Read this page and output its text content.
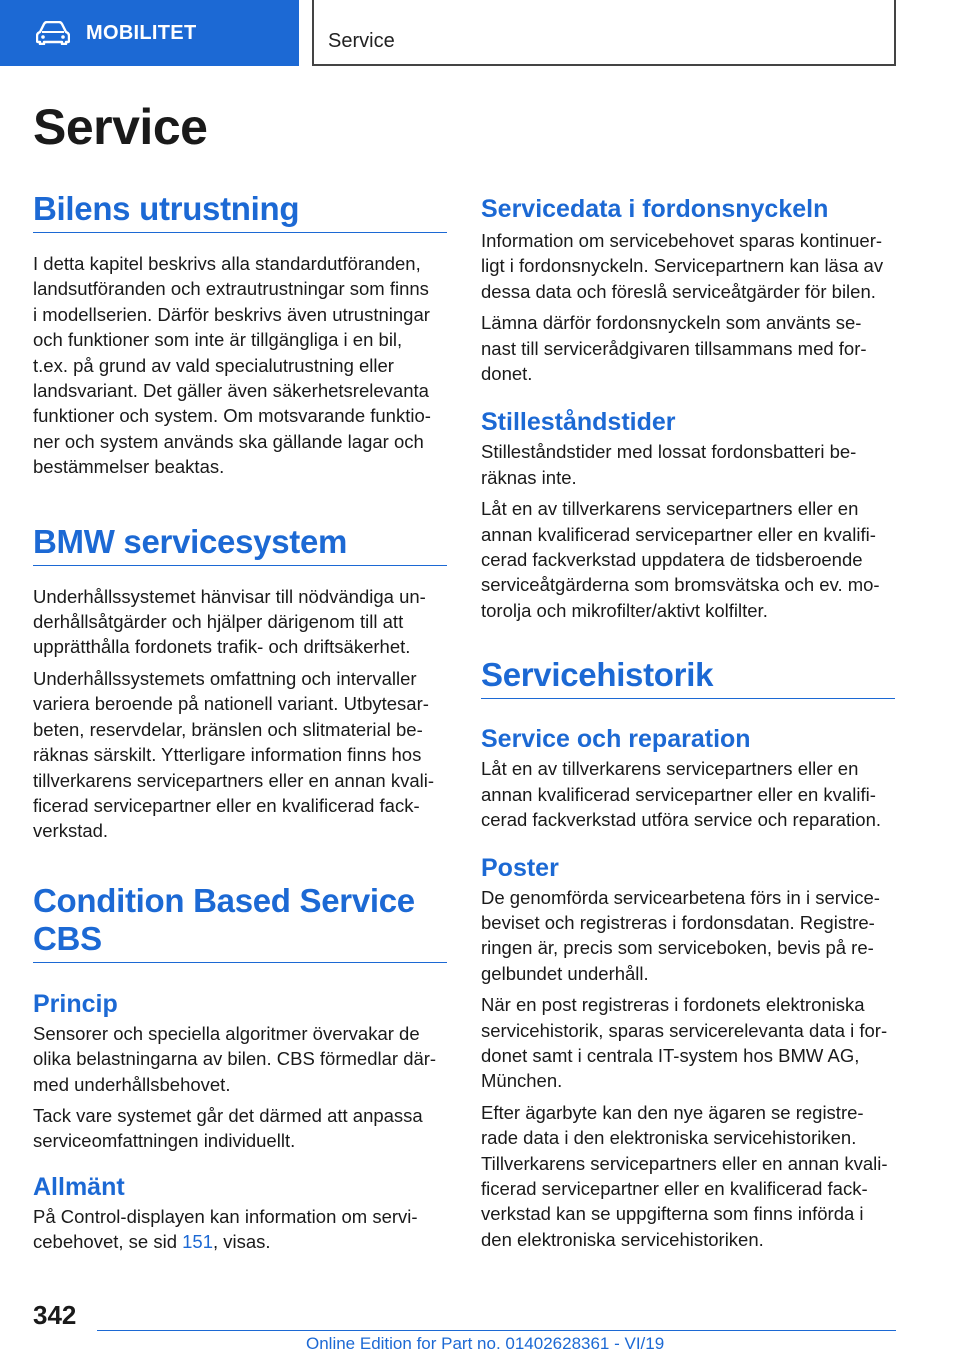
MOBILITET	Service
Service
Bilens utrustning

I detta kapitel beskrivs alla standardutföranden,
landsutföranden och extrautrustningar som finns
i modellserien. Därför beskrivs även utrustningar
och funktioner som inte är tillgängliga i en bil,
t.ex. på grund av vald specialutrustning eller
landsvariant. Det gäller även säkerhetsrelevanta
funktioner och system. Om motsvarande funktio-
ner och system används ska gällande lagar och
bestämmelser beaktas.

BMW servicesystem

Underhållssystemet hänvisar till nödvändiga un-
derhållsåtgärder och hjälper därigenom till att
upprätthålla fordonets trafik- och driftsäkerhet.

Underhållssystemets omfattning och intervaller
variera beroende på nationell variant. Utbytesar-
beten, reservdelar, bränslen och slitmaterial be-
räknas särskilt. Ytterligare information finns hos
tillverkarens servicepartners eller en annan kvali-
ficerad servicepartner eller en kvalificerad fack-
verkstad.

Condition Based Service
CBS
Princip

Sensorer och speciella algoritmer övervakar de
olika belastningarna av bilen. CBS förmedlar där-
med underhållsbehovet.

Tack vare systemet går det därmed att anpassa
serviceomfattningen individuellt.

Allmänt

På Control-displayen kan information om servi-
cebehovet, se sid 151, visas.

Servicedata i fordonsnyckeln

Information om servicebehovet sparas kontinuer-
ligt i fordonsnyckeln. Servicepartnern kan läsa av
dessa data och föreslå serviceåtgärder för bilen.

Lämna därför fordonsnyckeln som använts se-
nast till servicerådgivaren tillsammans med for-
donet.

Stilleståndstider

Stilleståndstider med lossat fordonsbatteri be-
räknas inte.

Låt en av tillverkarens servicepartners eller en
annan kvalificerad servicepartner eller en kvalifi-
cerad fackverkstad uppdatera de tidsberoende
serviceåtgärderna som bromsvätska och ev. mo-
torolja och mikrofilter/aktivt kolfilter.

Servicehistorik
Service och reparation

Låt en av tillverkarens servicepartners eller en
annan kvalificerad servicepartner eller en kvalifi-
cerad fackverkstad utföra service och reparation.

Poster

De genomförda servicearbetena förs in i service-
beviset och registreras i fordonsdatan. Registre-
ringen är, precis som serviceboken, bevis på re-
gelbundet underhåll.

När en post registreras i fordonets elektroniska
servicehistorik, sparas servicerelevanta data i for-
donet samt i centrala IT-system hos BMW AG,
München.

Efter ägarbyte kan den nye ägaren se registre-
rade data i den elektroniska servicehistoriken.
Tillverkarens servicepartners eller en annan kvali-
ficerad servicepartner eller en kvalificerad fack-
verkstad kan se uppgifterna som finns införda i
den elektroniska servicehistoriken.

342
Online Edition for Part no. 01402628361 - VI/19
